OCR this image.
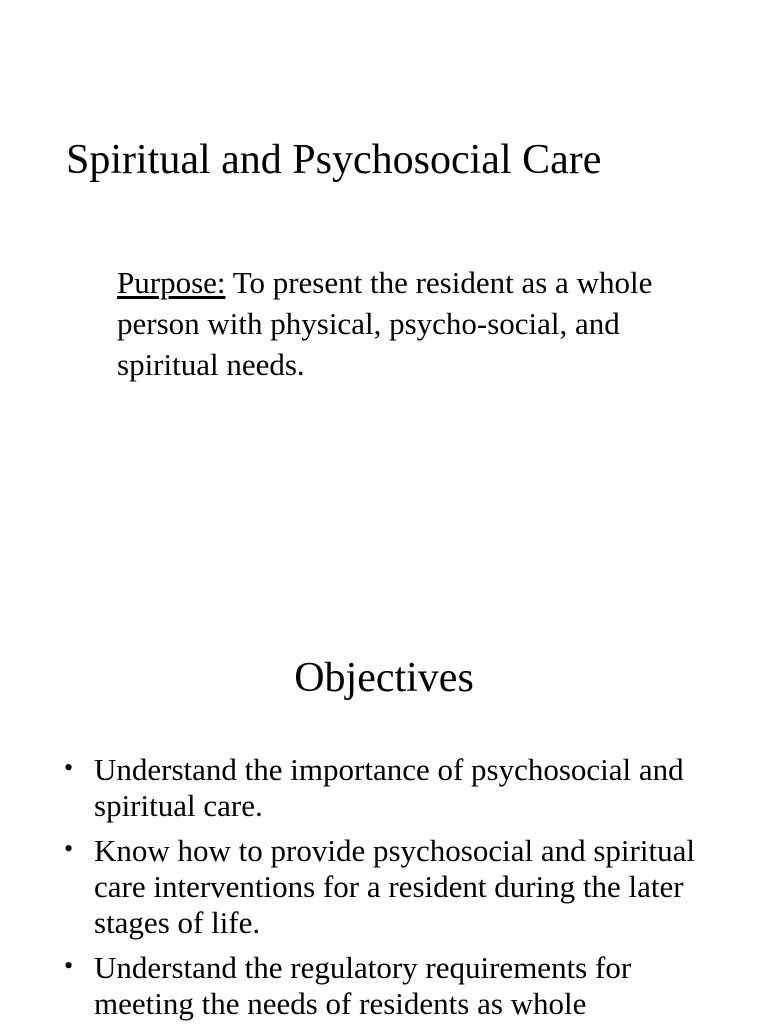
Spiritual and Psychosocial Care

Purpose: To present the resident as a whole person with physical, psycho-social, and spiritual needs.

Objectives
• Understand the importance of psychosocial and spiritual care.
• Know how to provide psychosocial and spiritual care interventions for a resident during the later stages of life.
• Understand the regulatory requirements for meeting the needs of residents as whole
